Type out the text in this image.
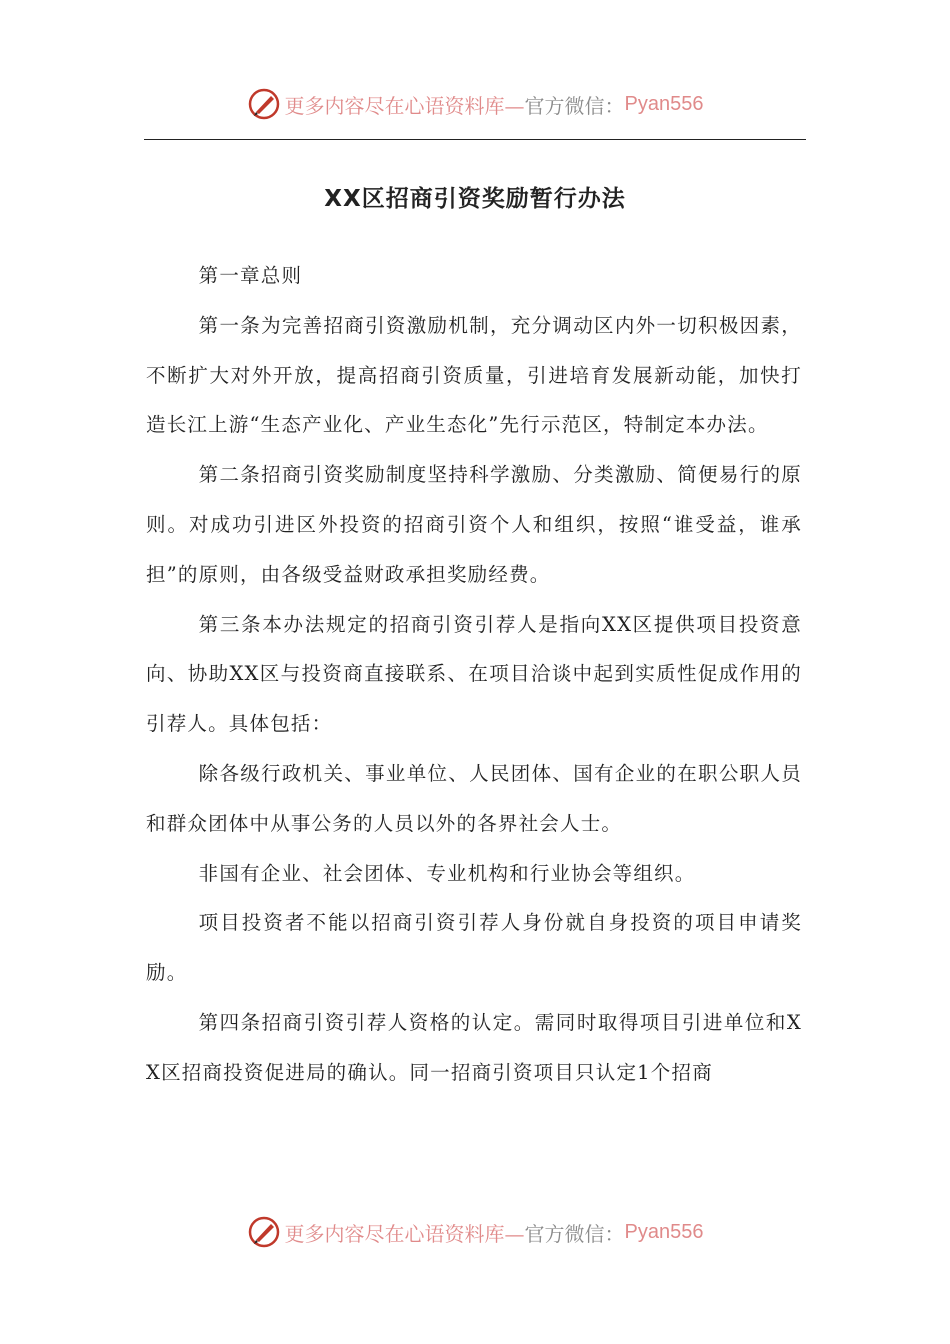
更多内容尽在心语资料库— 官方微信： Pyan556
XX区招商引资奖励暂行办法

第一章总则

第一条为完善招商引资激励机制，充分调动区内外一切积极因素，不断扩大对外开放，提高招商引资质量，引进培育发展新动能，加快打造长江上游“生态产业化、产业生态化”先行示范区，特制定本办法。

第二条招商引资奖励制度坚持科学激励、分类激励、简便易行的原则。对成功引进区外投资的招商引资个人和组织，按照“谁受益，谁承担”的原则，由各级受益财政承担奖励经费。

第三条本办法规定的招商引资引荐人是指向XX区提供项目投资意向、协助XX区与投资商直接联系、在项目洽谈中起到实质性促成作用的引荐人。具体包括：

除各级行政机关、事业单位、人民团体、国有企业的在职公职人员和群众团体中从事公务的人员以外的各界社会人士。

非国有企业、社会团体、专业机构和行业协会等组织。

项目投资者不能以招商引资引荐人身份就自身投资的项目申请奖励。

第四条招商引资引荐人资格的认定。需同时取得项目引进单位和XX区招商投资促进局的确认。同一招商引资项目只认定1个招商

更多内容尽在心语资料库— 官方微信： Pyan556
